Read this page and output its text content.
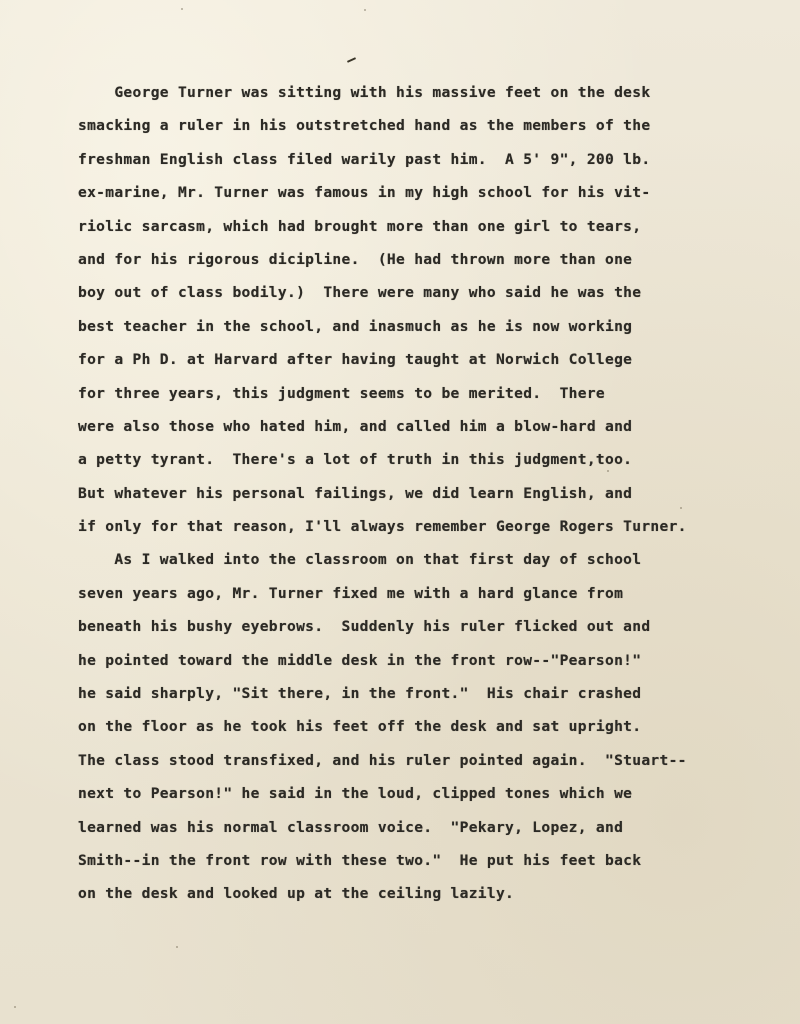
George Turner was sitting with his massive feet on the desk
smacking a ruler in his outstretched hand as the members of the
freshman English class filed warily past him.  A 5' 9", 200 lb.
ex-marine, Mr. Turner was famous in my high school for his vit-
riolic sarcasm, which had brought more than one girl to tears,
and for his rigorous dicipline.  (He had thrown more than one
boy out of class bodily.)  There were many who said he was the
best teacher in the school, and inasmuch as he is now working
for a Ph D. at Harvard after having taught at Norwich College
for three years, this judgment seems to be merited.  There
were also those who hated him, and called him a blow-hard and
a petty tyrant.  There's a lot of truth in this judgment,too.
But whatever his personal failings, we did learn English, and
if only for that reason, I'll always remember George Rogers Turner.
As I walked into the classroom on that first day of school
seven years ago, Mr. Turner fixed me with a hard glance from
beneath his bushy eyebrows.  Suddenly his ruler flicked out and
he pointed toward the middle desk in the front row--"Pearson!"
he said sharply, "Sit there, in the front."  His chair crashed
on the floor as he took his feet off the desk and sat upright.
The class stood transfixed, and his ruler pointed again.  "Stuart--
next to Pearson!" he said in the loud, clipped tones which we
learned was his normal classroom voice.  "Pekary, Lopez, and
Smith--in the front row with these two."  He put his feet back
on the desk and looked up at the ceiling lazily.
